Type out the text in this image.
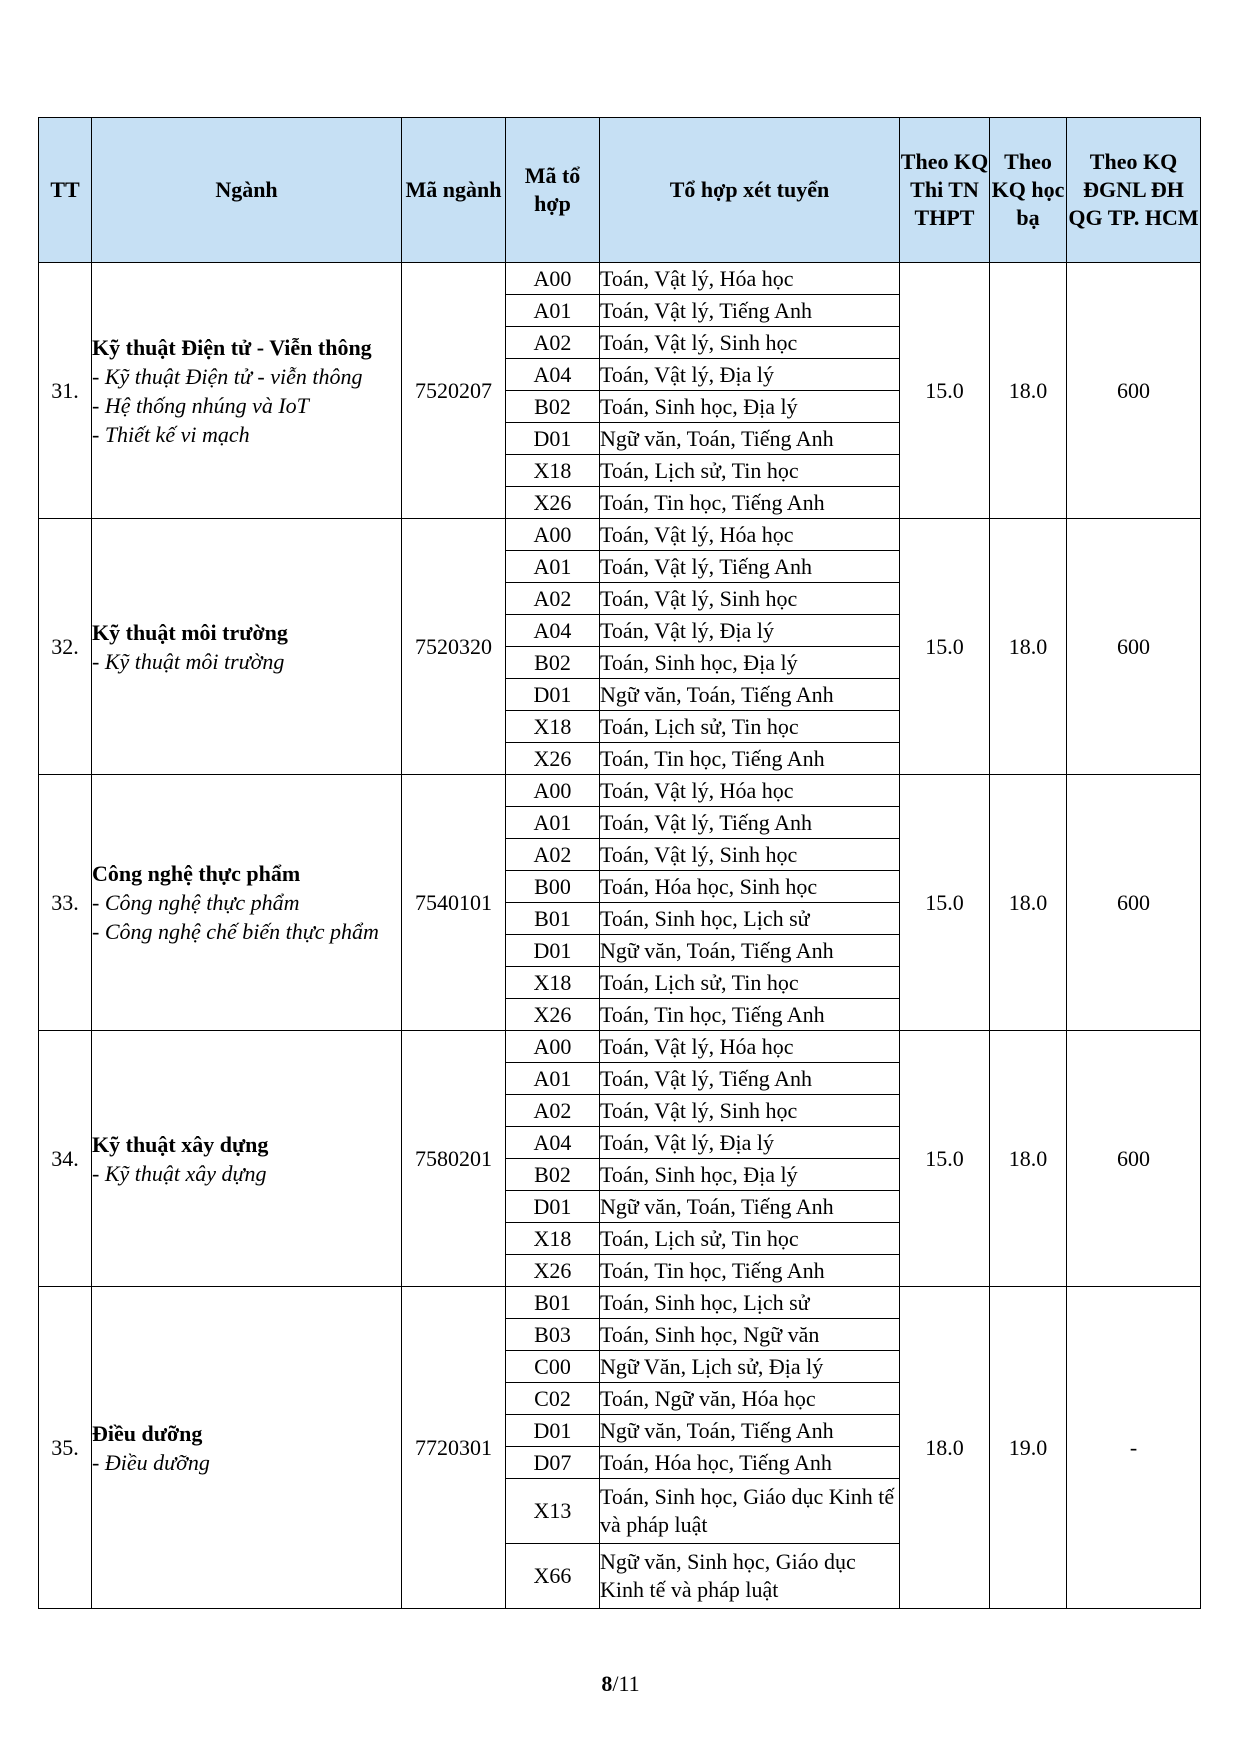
TT	Ngành	Mã ngành	Mã tổ hợp	Tổ hợp xét tuyển	Theo KQ Thi TN THPT	Theo KQ học bạ	Theo KQ ĐGNL ĐH QG TP. HCM
31.	Kỹ thuật Điện tử - Viễn thông
- Kỹ thuật Điện tử - viễn thông
- Hệ thống nhúng và IoT
- Thiết kế vi mạch	7520207	A00	Toán, Vật lý, Hóa học	15.0	18.0	600
			A01	Toán, Vật lý, Tiếng Anh			
			A02	Toán, Vật lý, Sinh học			
			A04	Toán, Vật lý, Địa lý			
			B02	Toán, Sinh học, Địa lý			
			D01	Ngữ văn, Toán, Tiếng Anh			
			X18	Toán, Lịch sử, Tin học			
			X26	Toán, Tin học, Tiếng Anh			
32.	Kỹ thuật môi trường
- Kỹ thuật môi trường	7520320	A00	Toán, Vật lý, Hóa học	15.0	18.0	600
			A01	Toán, Vật lý, Tiếng Anh			
			A02	Toán, Vật lý, Sinh học			
			A04	Toán, Vật lý, Địa lý			
			B02	Toán, Sinh học, Địa lý			
			D01	Ngữ văn, Toán, Tiếng Anh			
			X18	Toán, Lịch sử, Tin học			
			X26	Toán, Tin học, Tiếng Anh			
33.	Công nghệ thực phẩm
- Công nghệ thực phẩm
- Công nghệ chế biến thực phẩm	7540101	A00	Toán, Vật lý, Hóa học	15.0	18.0	600
			A01	Toán, Vật lý, Tiếng Anh			
			A02	Toán, Vật lý, Sinh học			
			B00	Toán, Hóa học, Sinh học			
			B01	Toán, Sinh học, Lịch sử			
			D01	Ngữ văn, Toán, Tiếng Anh			
			X18	Toán, Lịch sử, Tin học			
			X26	Toán, Tin học, Tiếng Anh			
34.	Kỹ thuật xây dựng
- Kỹ thuật xây dựng	7580201	A00	Toán, Vật lý, Hóa học	15.0	18.0	600
			A01	Toán, Vật lý, Tiếng Anh			
			A02	Toán, Vật lý, Sinh học			
			A04	Toán, Vật lý, Địa lý			
			B02	Toán, Sinh học, Địa lý			
			D01	Ngữ văn, Toán, Tiếng Anh			
			X18	Toán, Lịch sử, Tin học			
			X26	Toán, Tin học, Tiếng Anh			
35.	Điều dưỡng
- Điều dưỡng	7720301	B01	Toán, Sinh học, Lịch sử	18.0	19.0	-
			B03	Toán, Sinh học, Ngữ văn			
			C00	Ngữ Văn, Lịch sử, Địa lý			
			C02	Toán, Ngữ văn, Hóa học			
			D01	Ngữ văn, Toán, Tiếng Anh			
			D07	Toán, Hóa học, Tiếng Anh			
			X13	Toán, Sinh học, Giáo dục Kinh tế và pháp luật			
			X66	Ngữ văn, Sinh học, Giáo dục Kinh tế và pháp luật			
8/11
